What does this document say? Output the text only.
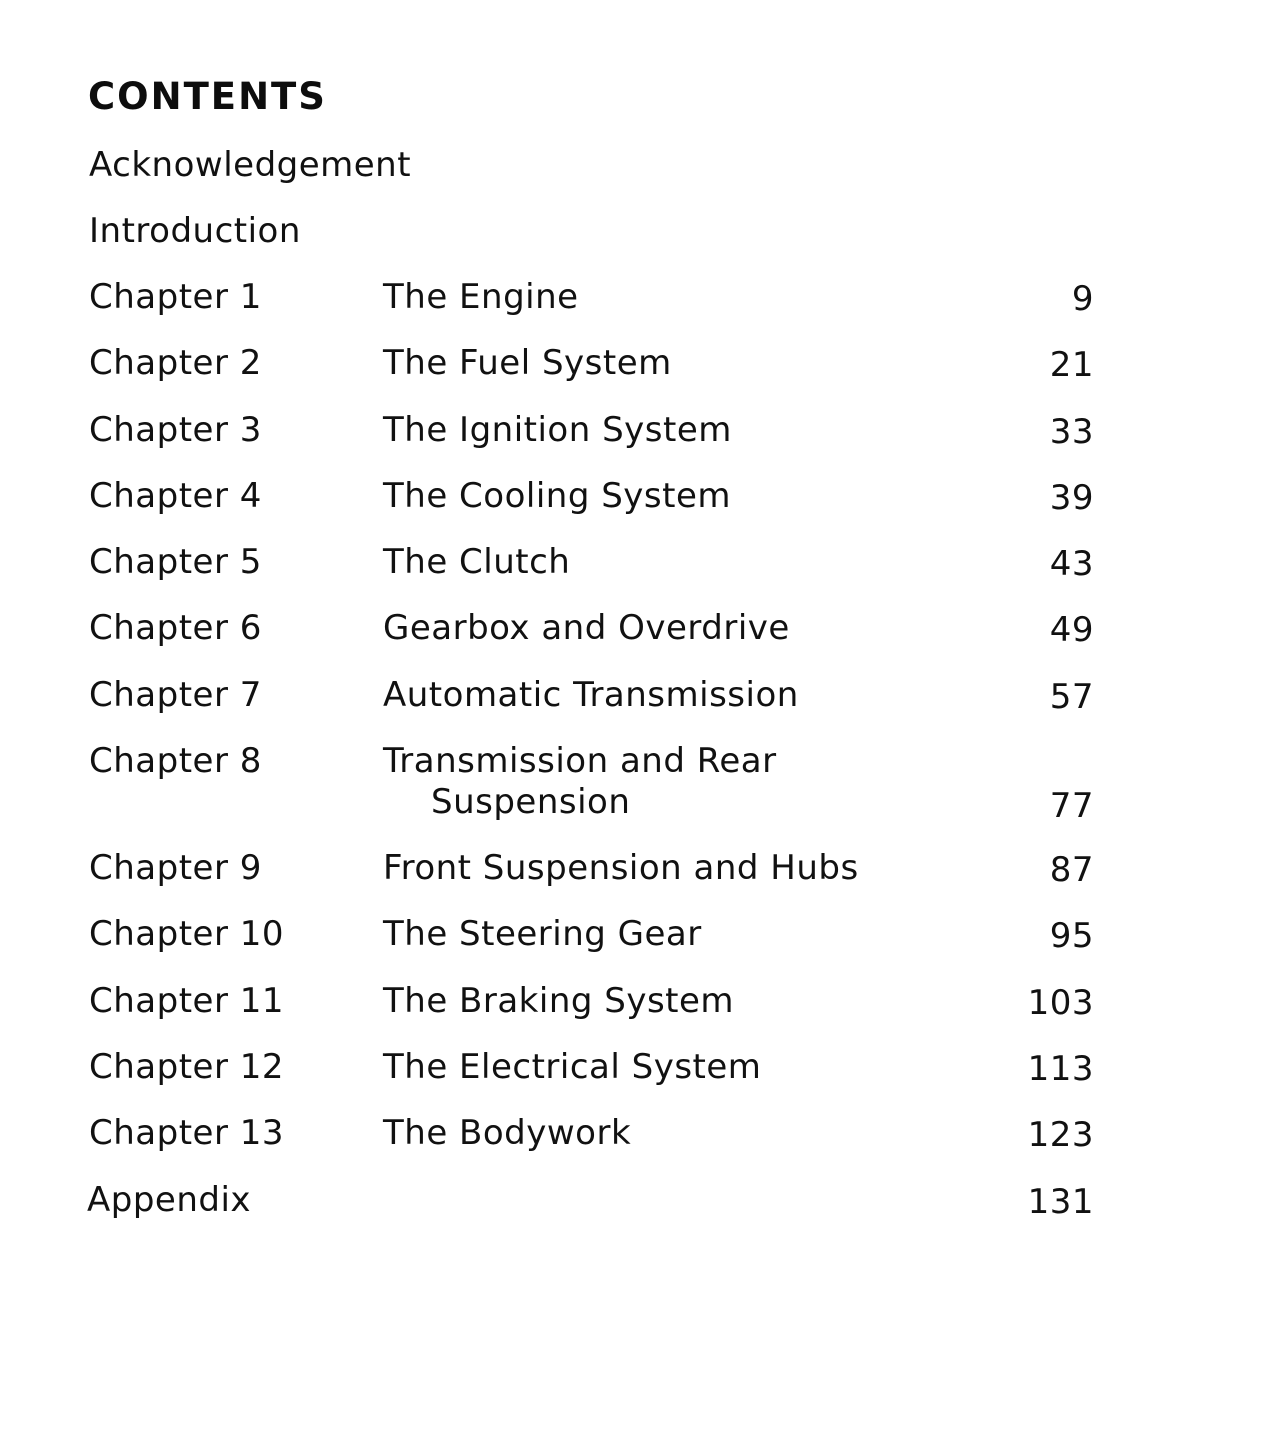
CONTENTS

Acknowledgement

Introduction

Chapter 1	The Engine	9
Chapter 2	The Fuel System	21
Chapter 3	The Ignition System	33
Chapter 4	The Cooling System	39
Chapter 5	The Clutch	43
Chapter 6	Gearbox and Overdrive	49
Chapter 7	Automatic Transmission	57
Chapter 8	Transmission and Rear
Suspension	77
Chapter 9	Front Suspension and Hubs	87
Chapter 10	The Steering Gear	95
Chapter 11	The Braking System	103
Chapter 12	The Electrical System	113
Chapter 13	The Bodywork	123
Appendix	131
